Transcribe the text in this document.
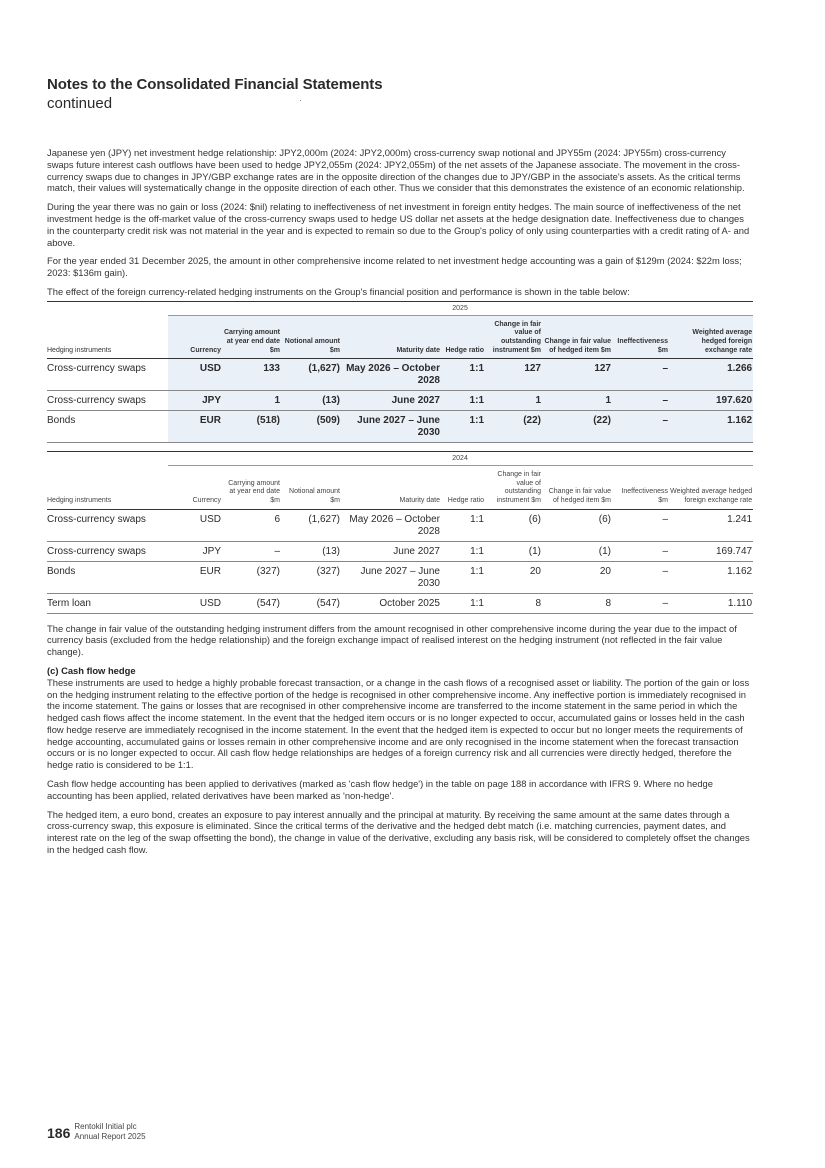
Notes to the Consolidated Financial Statements
continued

Japanese yen (JPY) net investment hedge relationship: JPY2,000m (2024: JPY2,000m) cross-currency swap notional and JPY55m (2024: JPY55m) cross-currency swaps future interest cash outflows have been used to hedge JPY2,055m (2024: JPY2,055m) of the net assets of the Japanese associate. The movement in the cross-currency swaps due to changes in JPY/GBP exchange rates are in the opposite direction of the changes due to JPY/GBP in the associate's assets. As the critical terms match, their values will systematically change in the opposite direction of each other. Thus we consider that this demonstrates the existence of an economic relationship.

During the year there was no gain or loss (2024: $nil) relating to ineffectiveness of net investment in foreign entity hedges. The main source of ineffectiveness of the net investment hedge is the off-market value of the cross-currency swaps used to hedge US dollar net assets at the hedge designation date. Ineffectiveness due to changes in the counterparty credit risk was not material in the year and is expected to remain so due to the Group's policy of only using counterparties with a credit rating of A- and above.

For the year ended 31 December 2025, the amount in other comprehensive income related to net investment hedge accounting was a gain of $129m (2024: $22m loss; 2023: $136m gain).

The effect of the foreign currency-related hedging instruments on the Group's financial position and performance is shown in the table below:

	2025								
Hedging instruments	Currency	Carrying amount at year end date $m	Notional amount $m	Maturity date	Hedge ratio	Change in fair value of outstanding instrument $m	Change in fair value of hedged item $m	Ineffectiveness $m	Weighted average hedged foreign exchange rate
Cross-currency swaps	USD	133	(1,627)	May 2026 – October 2028	1:1	127	127	–	1.266
Cross-currency swaps	JPY	1	(13)	June 2027	1:1	1	1	–	197.620
Bonds	EUR	(518)	(509)	June 2027 – June 2030	1:1	(22)	(22)	–	1.162
	2024								
Hedging instruments	Currency	Carrying amount at year end date $m	Notional amount $m	Maturity date	Hedge ratio	Change in fair value of outstanding instrument $m	Change in fair value of hedged item $m	Ineffectiveness $m	Weighted average hedged foreign exchange rate
Cross-currency swaps	USD	6	(1,627)	May 2026 – October 2028	1:1	(6)	(6)	–	1.241
Cross-currency swaps	JPY	–	(13)	June 2027	1:1	(1)	(1)	–	169.747
Bonds	EUR	(327)	(327)	June 2027 – June 2030	1:1	20	20	–	1.162
Term loan	USD	(547)	(547)	October 2025	1:1	8	8	–	1.110

The change in fair value of the outstanding hedging instrument differs from the amount recognised in other comprehensive income during the year due to the impact of currency basis (excluded from the hedge relationship) and the foreign exchange impact of realised interest on the hedging instrument (not reflected in the fair value change).

(c) Cash flow hedge

These instruments are used to hedge a highly probable forecast transaction, or a change in the cash flows of a recognised asset or liability. The portion of the gain or loss on the hedging instrument relating to the effective portion of the hedge is recognised in other comprehensive income. Any ineffective portion is immediately recognised in the income statement. The gains or losses that are recognised in other comprehensive income are transferred to the income statement in the same period in which the hedged cash flows affect the income statement. In the event that the hedged item occurs or is no longer expected to occur, accumulated gains or losses held in the cash flow hedge reserve are immediately recognised in the income statement. In the event that the hedged item is expected to occur but no longer meets the requirements of hedge accounting, accumulated gains or losses remain in other comprehensive income and are only recognised in the income statement when the forecast transaction occurs or is no longer expected to occur. All cash flow hedge relationships are hedges of a foreign currency risk and all currencies were directly hedged, therefore the hedge ratio is considered to be 1:1.

Cash flow hedge accounting has been applied to derivatives (marked as 'cash flow hedge') in the table on page 188 in accordance with IFRS 9. Where no hedge accounting has been applied, related derivatives have been marked as 'non-hedge'.

The hedged item, a euro bond, creates an exposure to pay interest annually and the principal at maturity. By receiving the same amount at the same dates through a cross-currency swap, this exposure is eliminated. Since the critical terms of the derivative and the hedged debt match (i.e. matching currencies, payment dates, and interest rate on the leg of the swap offsetting the bond), the change in value of the derivative, excluding any basis risk, will be considered to completely offset the changes in the hedged cash flow.

186 Rentokil Initial plc
Annual Report 2025
